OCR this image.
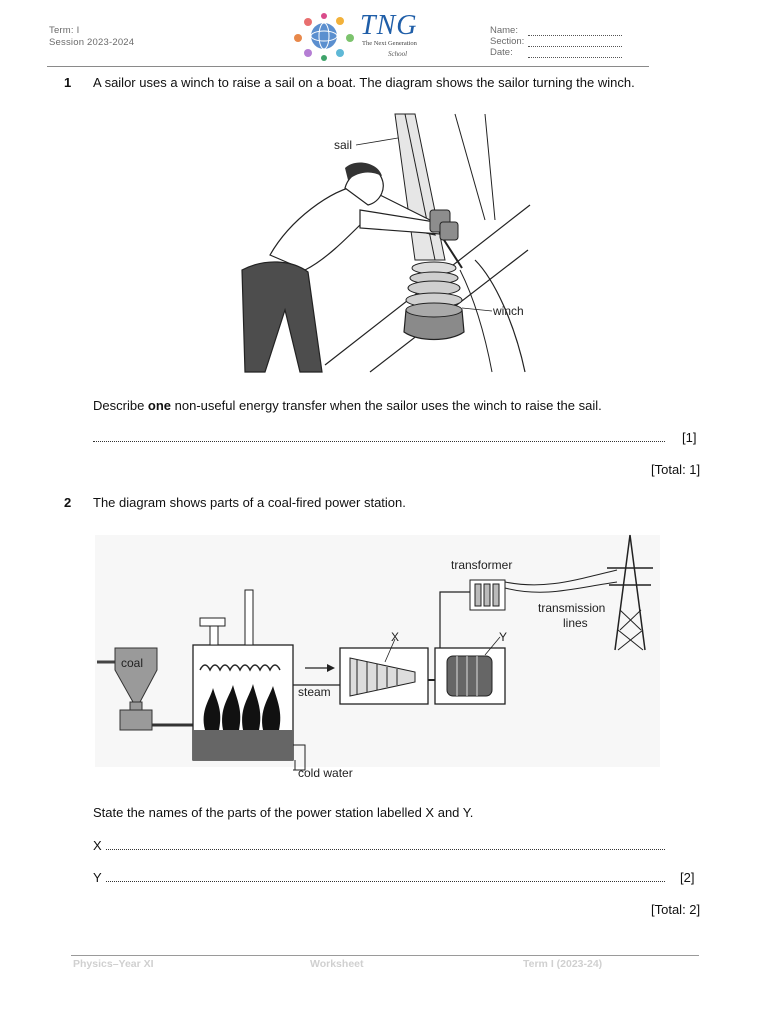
Term: I
Session 2023-2024
TNG
The Next Generation
School
Name:
Section:
Date:
1 A sailor uses a winch to raise a sail on a boat. The diagram shows the sailor turning the winch.
sail
winch
Describe one non-useful energy transfer when the sailor uses the winch to raise the sail.
[1]
[Total: 1]
2 The diagram shows parts of a coal-fired power station.
transformer
transmission
lines
X	Y
coal
steam
cold water
State the names of the parts of the power station labelled X and Y.
X
Y	[2]
[Total: 2]
Physics–Year XI	Worksheet	Term I (2023-24)
